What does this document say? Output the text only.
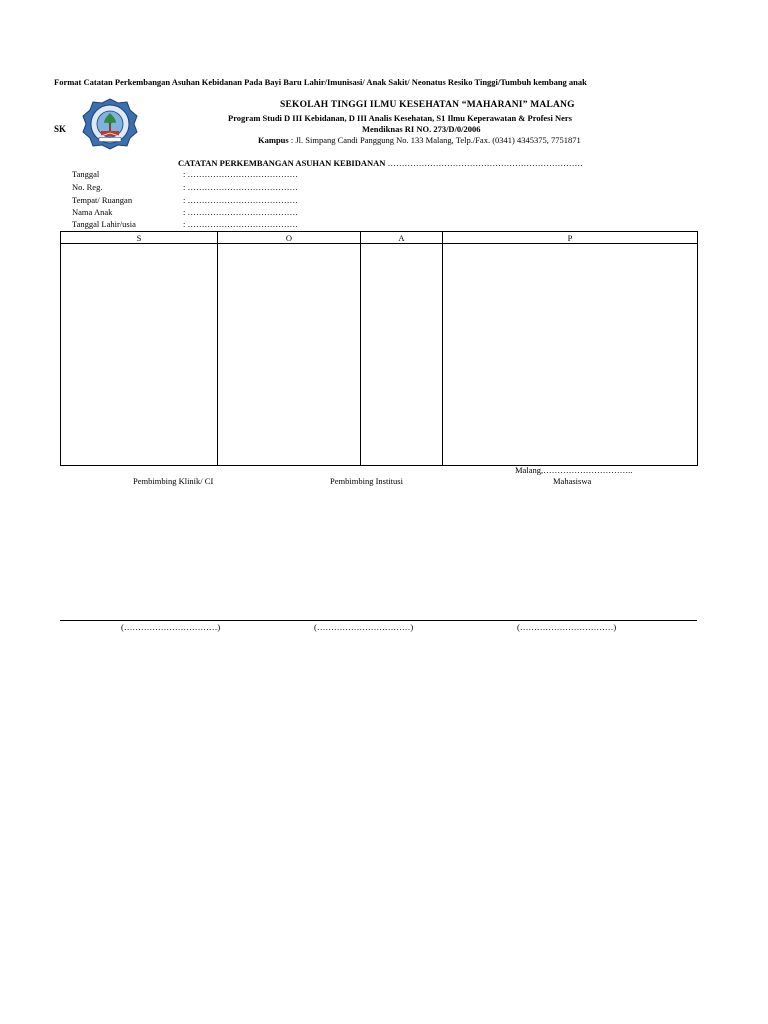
Format Catatan Perkembangan Asuhan Kebidanan Pada Bayi Baru Lahir/Imunisasi/ Anak Sakit/ Neonatus Resiko Tinggi/Tumbuh kembang anak
SK
SEKOLAH TINGGI ILMU KESEHATAN “MAHARANI” MALANG
Program Studi D III Kebidanan, D III Analis Kesehatan, S1 Ilmu Keperawatan & Profesi Ners
Mendiknas RI NO. 273/D/0/2006
Kampus : Jl. Simpang Candi Panggung No. 133 Malang, Telp./Fax. (0341) 4345375, 7751871
CATATAN PERKEMBANGAN ASUHAN KEBIDANAN ……………………………………………………………
Tanggal	: …………………………………
No. Reg.	: …………………………………
Tempat/ Ruangan	: …………………………………
Nama Anak	: …………………………………
Tanggal Lahir/usia	: …………………………………
S	O	A	P

Malang,…………………………..
Pembimbing Klinik/ CI	Pembimbing Institusi	Mahasiswa
(……………………………)	(……………………………)	(……………………………)
